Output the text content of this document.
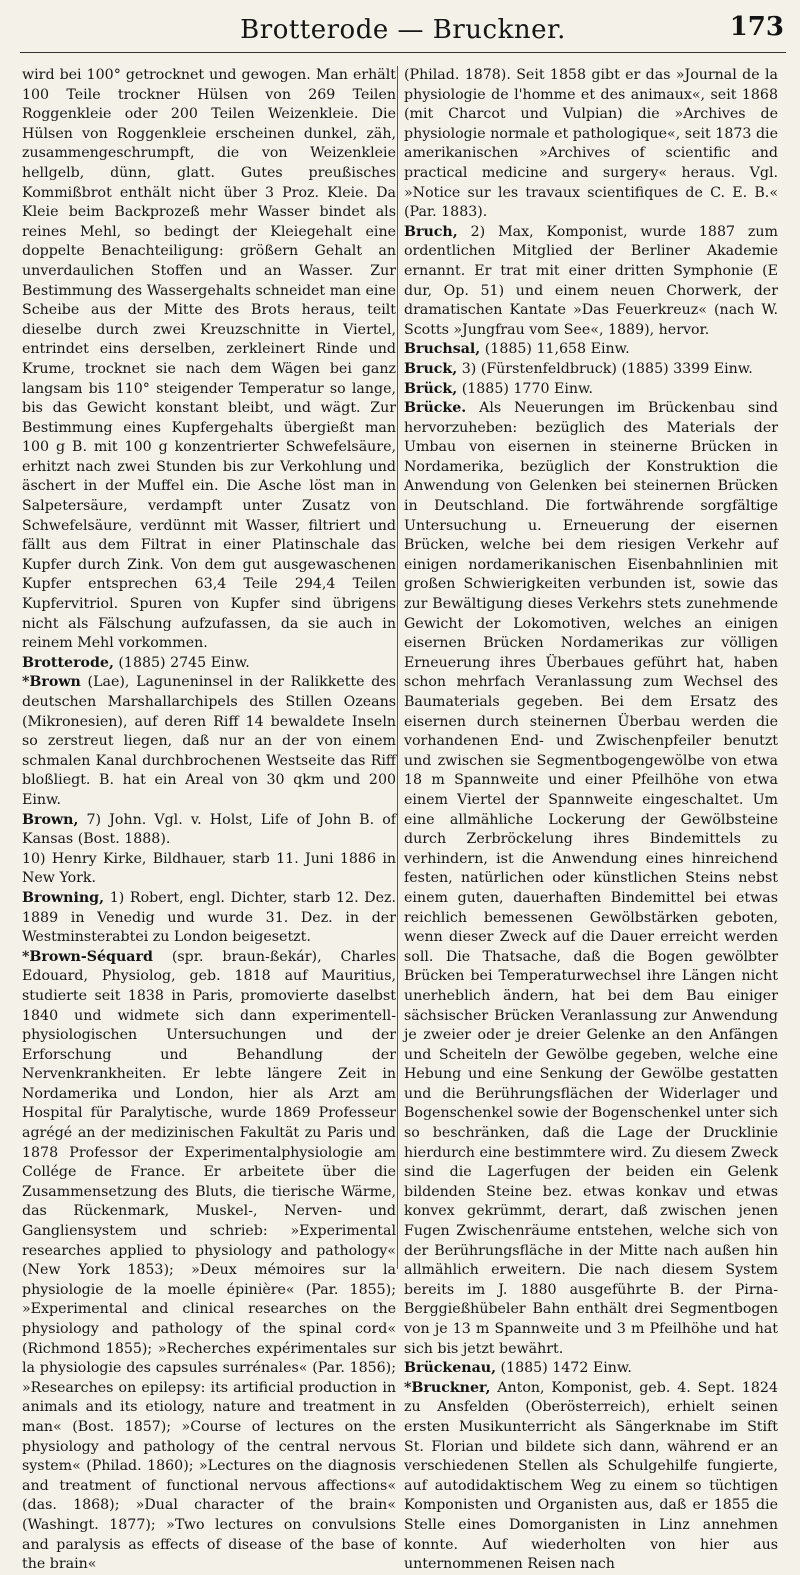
Brotterode — Bruckner.	173

wird bei 100° getrocknet und gewogen. Man erhält 100 Teile trockner Hülsen von 269 Teilen Roggenkleie oder 200 Teilen Weizenkleie. Die Hülsen von Roggenkleie erscheinen dunkel, zäh, zusammengeschrumpft, die von Weizenkleie hellgelb, dünn, glatt. Gutes preußisches Kommißbrot enthält nicht über 3 Proz. Kleie. Da Kleie beim Backprozeß mehr Wasser bindet als reines Mehl, so bedingt der Kleiegehalt eine doppelte Benachteiligung: größern Gehalt an unverdaulichen Stoffen und an Wasser. Zur Bestimmung des Wassergehalts schneidet man eine Scheibe aus der Mitte des Brots heraus, teilt dieselbe durch zwei Kreuzschnitte in Viertel, entrindet eins derselben, zerkleinert Rinde und Krume, trocknet sie nach dem Wägen bei ganz langsam bis 110° steigender Temperatur so lange, bis das Gewicht konstant bleibt, und wägt. Zur Bestimmung eines Kupfergehalts übergießt man 100 g B. mit 100 g konzentrierter Schwefelsäure, erhitzt nach zwei Stunden bis zur Verkohlung und äschert in der Muffel ein. Die Asche löst man in Salpetersäure, verdampft unter Zusatz von Schwefelsäure, verdünnt mit Wasser, filtriert und fällt aus dem Filtrat in einer Platinschale das Kupfer durch Zink. Von dem gut ausgewaschenen Kupfer entsprechen 63,4 Teile 294,4 Teilen Kupfervitriol. Spuren von Kupfer sind übrigens nicht als Fälschung aufzufassen, da sie auch in reinem Mehl vorkommen.

Brotterode, (1885) 2745 Einw.

*Brown (Lae), Laguneninsel in der Ralikkette des deutschen Marshallarchipels des Stillen Ozeans (Mikronesien), auf deren Riff 14 bewaldete Inseln so zerstreut liegen, daß nur an der von einem schmalen Kanal durchbrochenen Westseite das Riff bloßliegt. B. hat ein Areal von 30 qkm und 200 Einw.

Brown, 7) John. Vgl. v. Holst, Life of John B. of Kansas (Bost. 1888).

10) Henry Kirke, Bildhauer, starb 11. Juni 1886 in New York.

Browning, 1) Robert, engl. Dichter, starb 12. Dez. 1889 in Venedig und wurde 31. Dez. in der Westminsterabtei zu London beigesetzt.

*Brown-Séquard (spr. braun-ßekár), Charles Edouard, Physiolog, geb. 1818 auf Mauritius, studierte seit 1838 in Paris, promovierte daselbst 1840 und widmete sich dann experimentell-physiologischen Untersuchungen und der Erforschung und Behandlung der Nervenkrankheiten. Er lebte längere Zeit in Nordamerika und London, hier als Arzt am Hospital für Paralytische, wurde 1869 Professeur agrégé an der medizinischen Fakultät zu Paris und 1878 Professor der Experimentalphysiologie am Collége de France. Er arbeitete über die Zusammensetzung des Bluts, die tierische Wärme, das Rückenmark, Muskel-, Nerven- und Gangliensystem und schrieb: »Experimental researches applied to physiology and pathology« (New York 1853); »Deux mémoires sur la physiologie de la moelle épinière« (Par. 1855); »Experimental and clinical researches on the physiology and pathology of the spinal cord« (Richmond 1855); »Recherches expérimentales sur la physiologie des capsules surrénales« (Par. 1856); »Researches on epilepsy: its artificial production in animals and its etiology, nature and treatment in man« (Bost. 1857); »Course of lectures on the physiology and pathology of the central nervous system« (Philad. 1860); »Lectures on the diagnosis and treatment of functional nervous affections« (das. 1868); »Dual character of the brain« (Washingt. 1877); »Two lectures on convulsions and paralysis as effects of disease of the base of the brain«

(Philad. 1878). Seit 1858 gibt er das »Journal de la physiologie de l'homme et des animaux«, seit 1868 (mit Charcot und Vulpian) die »Archives de physiologie normale et pathologique«, seit 1873 die amerikanischen »Archives of scientific and practical medicine and surgery« heraus. Vgl. »Notice sur les travaux scientifiques de C. E. B.« (Par. 1883).

Bruch, 2) Max, Komponist, wurde 1887 zum ordentlichen Mitglied der Berliner Akademie ernannt. Er trat mit einer dritten Symphonie (E dur, Op. 51) und einem neuen Chorwerk, der dramatischen Kantate »Das Feuerkreuz« (nach W. Scotts »Jungfrau vom See«, 1889), hervor.

Bruchsal, (1885) 11,658 Einw.

Bruck, 3) (Fürstenfeldbruck) (1885) 3399 Einw.

Brück, (1885) 1770 Einw.

Brücke. Als Neuerungen im Brückenbau sind hervorzuheben: bezüglich des Materials der Umbau von eisernen in steinerne Brücken in Nordamerika, bezüglich der Konstruktion die Anwendung von Gelenken bei steinernen Brücken in Deutschland. Die fortwährende sorgfältige Untersuchung u. Erneuerung der eisernen Brücken, welche bei dem riesigen Verkehr auf einigen nordamerikanischen Eisenbahnlinien mit großen Schwierigkeiten verbunden ist, sowie das zur Bewältigung dieses Verkehrs stets zunehmende Gewicht der Lokomotiven, welches an einigen eisernen Brücken Nordamerikas zur völligen Erneuerung ihres Überbaues geführt hat, haben schon mehrfach Veranlassung zum Wechsel des Baumaterials gegeben. Bei dem Ersatz des eisernen durch steinernen Überbau werden die vorhandenen End- und Zwischenpfeiler benutzt und zwischen sie Segmentbogengewölbe von etwa 18 m Spannweite und einer Pfeilhöhe von etwa einem Viertel der Spannweite eingeschaltet. Um eine allmähliche Lockerung der Gewölbsteine durch Zerbröckelung ihres Bindemittels zu verhindern, ist die Anwendung eines hinreichend festen, natürlichen oder künstlichen Steins nebst einem guten, dauerhaften Bindemittel bei etwas reichlich bemessenen Gewölbstärken geboten, wenn dieser Zweck auf die Dauer erreicht werden soll. Die Thatsache, daß die Bogen gewölbter Brücken bei Temperaturwechsel ihre Längen nicht unerheblich ändern, hat bei dem Bau einiger sächsischer Brücken Veranlassung zur Anwendung je zweier oder je dreier Gelenke an den Anfängen und Scheiteln der Gewölbe gegeben, welche eine Hebung und eine Senkung der Gewölbe gestatten und die Berührungsflächen der Widerlager und Bogenschenkel sowie der Bogenschenkel unter sich so beschränken, daß die Lage der Drucklinie hierdurch eine bestimmtere wird. Zu diesem Zweck sind die Lagerfugen der beiden ein Gelenk bildenden Steine bez. etwas konkav und etwas konvex gekrümmt, derart, daß zwischen jenen Fugen Zwischenräume entstehen, welche sich von der Berührungsfläche in der Mitte nach außen hin allmählich erweitern. Die nach diesem System bereits im J. 1880 ausgeführte B. der Pirna-Berggießhübeler Bahn enthält drei Segmentbogen von je 13 m Spannweite und 3 m Pfeilhöhe und hat sich bis jetzt bewährt.

Brückenau, (1885) 1472 Einw.

*Bruckner, Anton, Komponist, geb. 4. Sept. 1824 zu Ansfelden (Oberösterreich), erhielt seinen ersten Musikunterricht als Sängerknabe im Stift St. Florian und bildete sich dann, während er an verschiedenen Stellen als Schulgehilfe fungierte, auf autodidaktischem Weg zu einem so tüchtigen Komponisten und Organisten aus, daß er 1855 die Stelle eines Domorganisten in Linz annehmen konnte. Auf wiederholten von hier aus unternommenen Reisen nach
